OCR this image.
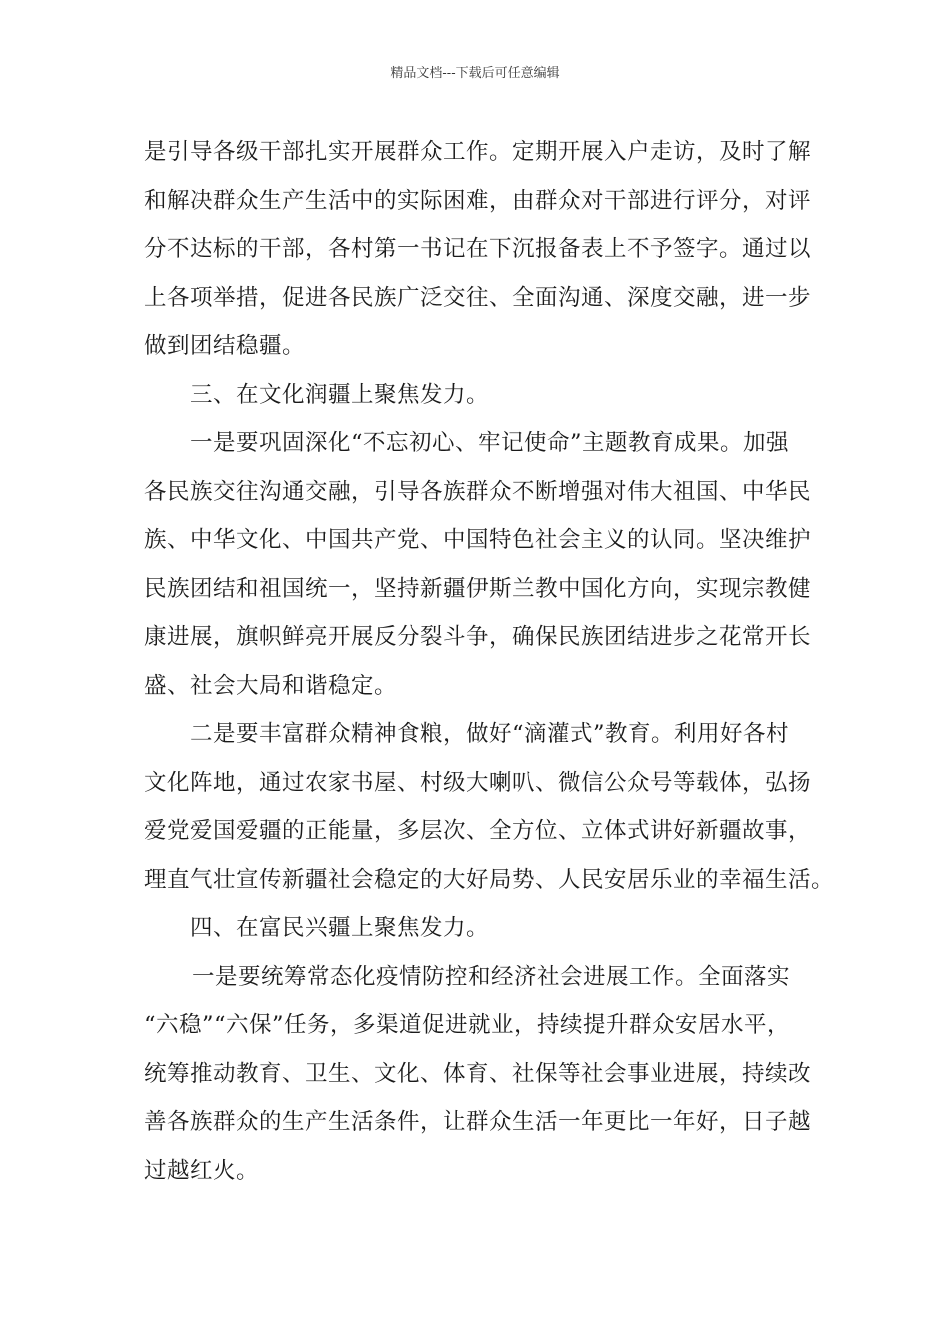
精品文档---下载后可任意编辑
是引导各级干部扎实开展群众工作。定期开展入户走访，及时了解
和解决群众生产生活中的实际困难，由群众对干部进行评分，对评
分不达标的干部，各村第一书记在下沉报备表上不予签字。通过以
上各项举措，促进各民族广泛交往、全面沟通、深度交融，进一步
做到团结稳疆。
三、在文化润疆上聚焦发力。
一是要巩固深化“不忘初心、牢记使命”主题教育成果。加强
各民族交往沟通交融，引导各族群众不断增强对伟大祖国、中华民
族、中华文化、中国共产党、中国特色社会主义的认同。坚决维护
民族团结和祖国统一，坚持新疆伊斯兰教中国化方向，实现宗教健
康进展，旗帜鲜亮开展反分裂斗争，确保民族团结进步之花常开长
盛、社会大局和谐稳定。
二是要丰富群众精神食粮，做好“滴灌式”教育。利用好各村
文化阵地，通过农家书屋、村级大喇叭、微信公众号等载体，弘扬
爱党爱国爱疆的正能量，多层次、全方位、立体式讲好新疆故事，
理直气壮宣传新疆社会稳定的大好局势、人民安居乐业的幸福生活。
四、在富民兴疆上聚焦发力。
一是要统筹常态化疫情防控和经济社会进展工作。全面落实
“六稳”“六保”任务，多渠道促进就业，持续提升群众安居水平，
统筹推动教育、卫生、文化、体育、社保等社会事业进展，持续改
善各族群众的生产生活条件，让群众生活一年更比一年好，日子越
过越红火。
